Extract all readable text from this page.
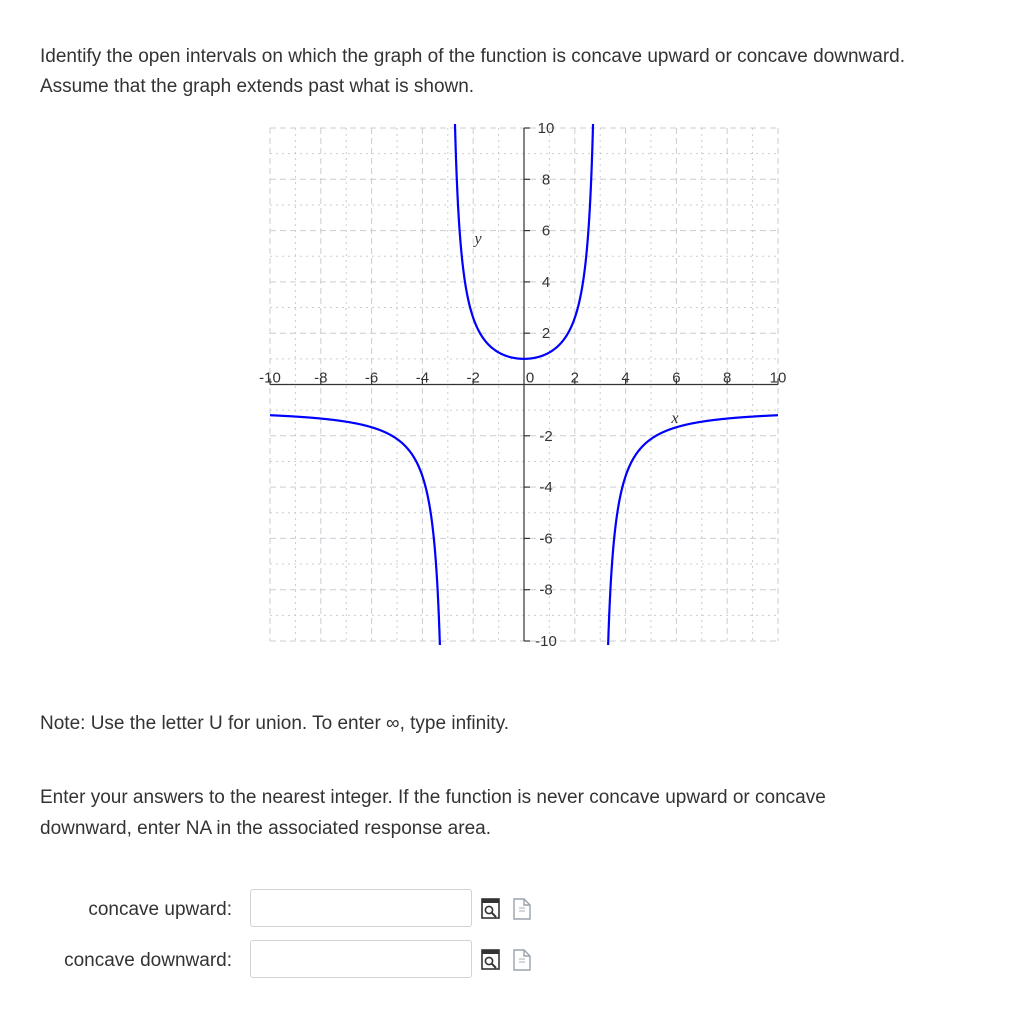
Identify the open intervals on which the graph of the function is concave upward or concave downward.
Assume that the graph extends past what is shown.
-10 -8 -6 -4 -2	0 2	4	6	8	10
10
8
6
4
2
-2
-4
-6
-8
-10
x
y
Note: Use the letter U for union. To enter ∞, type infinity.
Enter your answers to the nearest integer. If the function is never concave upward or concave
downward, enter NA in the associated response area.
concave upward:
concave downward:
